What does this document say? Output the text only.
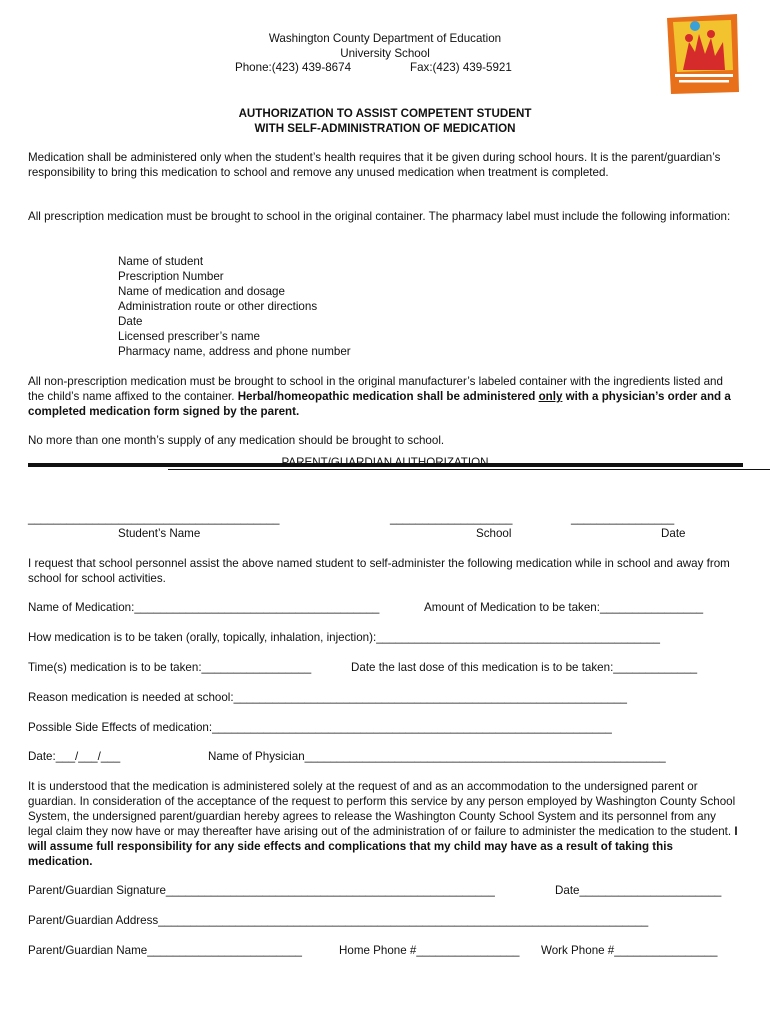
Washington County Department of Education
University School
Phone:(423) 439-8674	Fax:(423) 439-5921
AUTHORIZATION TO ASSIST COMPETENT STUDENT
WITH SELF-ADMINISTRATION OF MEDICATION
Medication shall be administered only when the student’s health requires that it be given during school hours. It is the parent/guardian’s responsibility to bring this medication to school and remove any unused medication when treatment is completed.
All prescription medication must be brought to school in the original container. The pharmacy label must include the following information:
Name of student
Prescription Number
Name of medication and dosage
Administration route or other directions
Date
Licensed prescriber’s name
Pharmacy name, address and phone number
All non-prescription medication must be brought to school in the original manufacturer’s labeled container with the ingredients listed and the child’s name affixed to the container. Herbal/homeopathic medication shall be administered only with a physician’s order and a completed medication form signed by the parent.
No more than one month’s supply of any medication should be brought to school.
PARENT/GUARDIAN AUTHORIZATION
_______________________________________
Student’s Name
___________________
School
________________
Date
I request that school personnel assist the above named student to self-administer the following medication while in school and away from school for school activities.
Name of Medication:______________________________________	Amount of Medication to be taken:________________
How medication is to be taken (orally, topically, inhalation, injection):____________________________________________
Time(s) medication is to be taken:_________________	Date the last dose of this medication is to be taken:_____________
Reason medication is needed at school:_____________________________________________________________
Possible Side Effects of medication:______________________________________________________________
Date:___/___/___	Name of Physician________________________________________________________
It is understood that the medication is administered solely at the request of and as an accommodation to the undersigned parent or guardian. In consideration of the acceptance of the request to perform this service by any person employed by Washington County School System, the undersigned parent/guardian hereby agrees to release the Washington County School System and its personnel from any legal claim they now have or may thereafter have arising out of the administration of or failure to administer the medication to the student. I will assume full responsibility for any side effects and complications that my child may have as a result of taking this medication.
Parent/Guardian Signature___________________________________________________	Date______________________
Parent/Guardian Address____________________________________________________________________________
Parent/Guardian Name________________________	Home Phone #________________ Work Phone #________________
